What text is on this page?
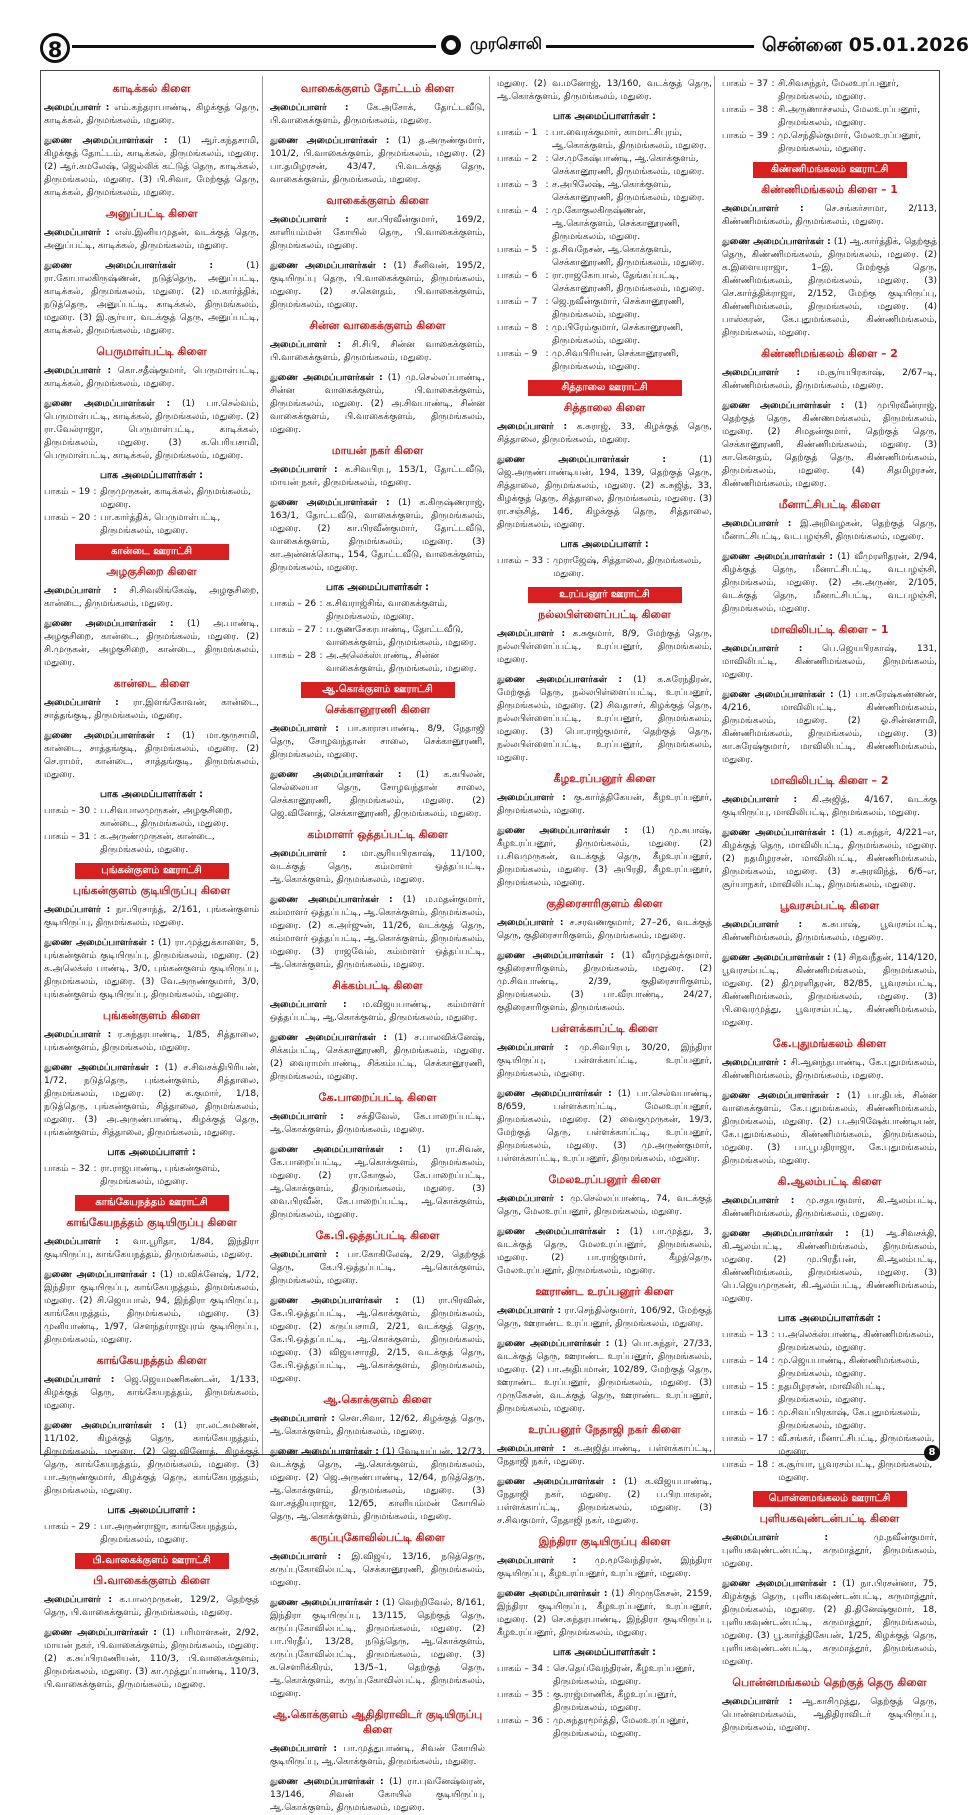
8	முரசொலி	சென்னை 05.01.2026
காடிக்கல் கிளை
அமைப்பாளர் : எம்.கந்தராபாண்டி, கிழக்குத் தெரு, காடிக்கல், திருமங்கலம், மதுரை.
துணை அமைப்பாளர்கள் : (1) ஆர்.கந்தசாமி, கிழக்குத் தோட்டம், காடிக்கல், திருமங்கலம், மதுரை. (2) ஆர்.கமலேஷ், ஜெல்லிக் கட்டுத் தெரு, காடிக்கல், திருமங்கலம், மதுரை. (3) பி.சிவா, மேற்குத் தெரு, காடிக்கல், திருமங்கலம், மதுரை.
அனுப்பட்டி கிளை
அமைப்பாளர் : எஸ்.இனியமுதன், வடக்குத் தெரு, அனுப்பட்டி, காடிக்கல், திருமங்கலம், மதுரை.
துணை அமைப்பாளர்கள் :	(1) ரா.கோபாலகிருஷ்ணன், நடுத்தெரு, அனுப்பட்டி, காடிக்கல், திருமங்கலம், மதுரை. (2) ம.கார்த்திக், நடுத்தெரு, அனுப்பட்டி, காடிக்கல், திருமங்கலம், மதுரை. (3) இ.சூர்யா, வடக்குத் தெரு, அனுப்பட்டி, காடிக்கல், திருமங்கலம், மதுரை.
பெருமாள்பட்டி கிளை
அமைப்பாளர் : கொ.சதீஷ்குமார், பெருமாள்பட்டி, காடிக்கல், திருமங்கலம், மதுரை.
துணை அமைப்பாளர்கள் : (1) பா.செல்வம், பெருமாள்பட்டி, காடிக்கல், திருமங்கலம், மதுரை. (2) ரா.வேல்ராஜா, பெருமாள்பட்டி, காடிக்கல், திருமங்கலம், மதுரை. (3) க.பெரியசாமி, பெருமாள்பட்டி, காடிக்கல், திருமங்கலம், மதுரை.
பாக அமைப்பாளர்கள் :
பாகம் – 19	:	திருமுருகன், காடிக்கல், திருமங்கலம், மதுரை.
பாகம் – 20	:	பா.கார்த்திக், பெருமாள்பட்டி, திருமங்கலம், மதுரை.
கான்டை ஊராட்சி
அழகுசிறை கிளை
அமைப்பாளர் : சி.சிவலிங்கேஷ், அழகுசிறை, கான்டை, திருமங்கலம், மதுரை.
துணை அமைப்பாளர்கள் : (1) அ.பாண்டி, அழகுசிறை, கான்டை, திருமங்கலம், மதுரை. (2) சி.முருகன், அழகுசிறை, கான்டை, திருமங்கலம், மதுரை.
கான்டை கிளை
அமைப்பாளர் : ரா.இளங்கோவன், கான்டை, சாத்தங்குடி, திருமங்கலம், மதுரை.
துணை அமைப்பாளர்கள் : (1) மா.குருசாமி, கான்டை, சாத்தங்குடி, திருமங்கலம், மதுரை. (2) செ.ராமர், கான்டை, சாத்தங்குடி, திருமங்கலம், மதுரை.
பாக அமைப்பாளர்கள் :
பாகம் – 30	:	ப.சிவபாலமுருகன், அழகுசிறை, கான்டை, திருமங்கலம், மதுரை.
பாகம் – 31	:	க.அருண்முருகன், கான்டை, திருமங்கலம், மதுரை.
புங்கன்குளம் ஊராட்சி
புங்கன்குளம் குடியிருப்பு கிளை
அமைப்பாளர் : நா.பிரசாந்த், 2/161, புங்கன்குளம் குடியிருப்பு, திருமங்கலம், மதுரை.
துணை அமைப்பாளர்கள் : (1) ரா.முத்துக்காளை, 5, புங்கன்குளம் குடியிருப்பு, திருமங்கலம், மதுரை. (2) க.அலெக்ஸ் பாண்டி, 3/0, புங்கன்குளம் குடியிருப்பு, திருமங்கலம், மதுரை. (3) வே.அருண்குமார், 3/0, புங்கன்குளம் குடியிருப்பு, திருமங்கலம், மதுரை.
புங்கன்குளம் கிளை
அமைப்பாளர் : ர.சுந்தரபாண்டி, 1/85, சித்தாலை, புங்கன்குளம், திருமங்கலம், மதுரை.
துணை அமைப்பாளர்கள் : (1) ச.சிவசக்திபிரியன், 1/72, நடுத்தெரு, புங்கன்குளம், சித்தாலை, திருமங்கலம், மதுரை. (2) க.குமார், 1/18, நடுத்தெரு, புங்கன்குளம், சித்தாலை, திருமங்கலம், மதுரை. (3) அ.அருண்பாண்டி, கிழக்குத் தெரு, புங்கன்குளம், சித்தாலை, திருமங்கலம், மதுரை.
பாக அமைப்பாளர் :
பாகம் – 32	:	ரா.ராஜபாண்டி, புங்கன்குளம், திருமங்கலம், மதுரை.
காங்கேயநத்தம் ஊராட்சி
காங்கேயநத்தம் குடியிருப்பு கிளை
அமைப்பாளர் : வா.பூரிதா, 1/84, இந்திரா குடியிருப்பு, காங்கேயநத்தம், திருமங்கலம், மதுரை.
துணை அமைப்பாளர்கள் : (1) ம.விக்னேஷ், 1/72, இந்திரா குடியிருப்பு, காங்கேயநத்தம், திருமங்கலம், மதுரை. (2) சி.ஜெயபால், 94, இந்திரா குடியிருப்பு, காங்கேயநத்தம், திருமங்கலம், மதுரை. (3) முனியாண்டி, 1/97, சௌந்தர்ராஜபுரம் குடியிருப்பு, திருமங்கலம், மதுரை.
காங்கேயநத்தம் கிளை
அமைப்பாளர் : ஜெ.ஜெயமணிகண்டன், 1/133, கிழக்குத் தெரு, காங்கேயநத்தம், திருமங்கலம், மதுரை.
துணை அமைப்பாளர்கள் : (1) ரா.லட்சுமணன், 11/102, கிழக்குத் தெரு, காங்கேயநத்தம், திருமங்கலம், மதுரை. (2) ஜெ.வினோத், கிழக்குத் தெரு, காங்கேயநத்தம், திருமங்கலம், மதுரை. (3) பா.அருண்குமார், கிழக்குத் தெரு, காங்கேயநத்தம், திருமங்கலம், மதுரை.
பாக அமைப்பாளர் :
பாகம் – 29	:	பா.அருண்ராஜா, காங்கேயநத்தம், திருமங்கலம், மதுரை.
பி.வாகைக்குளம் ஊராட்சி
பி.வாகைக்குளம் கிளை
அமைப்பாளர் : க.பாலமுருகன், 129/2, தெற்குத் தெரு, பி.வாகைக்குளம், திருமங்கலம், மதுரை.
துணை அமைப்பாளர்கள் : (1) பரிமாளகன், 2/92, மாயன் நகர், பி.வாகைக்குளம், திருமங்கலம், மதுரை. (2) க.சுப்பிரமணியன், 110/3, பி.வாகைக்குளம், திருமங்கலம், மதுரை. (3) கா.முத்துப்பாண்டி, 110/3, பி.வாகைக்குளம், திருமங்கலம், மதுரை.
வாகைக்குளம் தோட்டம் கிளை
அமைப்பாளர் : கே.அசோக், தோட்டவீடு, பி.வாகைக்குளம், திருமங்கலம், மதுரை.
துணை அமைப்பாளர்கள் : (1) த.அருண்குமார், 101/2, பி.வாகைக்குளம், திருமங்கலம், மதுரை. (2) பா.தமிழரசன், 43/47, பி.வடக்குத் தெரு, வாகைக்குளம், திருமங்கலம், மதுரை.
வாகைக்குளம் கிளை
அமைப்பாளர் : கா.பிரவீன்குமார், 169/2, காளியம்மன் கோயில் தெரு, பி.வாகைக்குளம், திருமங்கலம், மதுரை.
துணை அமைப்பாளர்கள் : (1) சீனிவன், 195/2, குடியிருப்பு தெரு, பி.வாகைக்குளம், திருமங்கலம், மதுரை. (2) ச.கௌதம், பி.வாகைக்குளம், திருமங்கலம், மதுரை.
சின்ன வாகைக்குளம் கிளை
அமைப்பாளர் : சி.சிபி, சின்ன வாகைக்குளம், பி.வாகைக்குளம், திருமங்கலம், மதுரை.
துணை அமைப்பாளர்கள் : (1) மு.செல்லப்பாண்டி, சின்ன வாகைக்குளம், பி.வாகைக்குளம், திருமங்கலம், மதுரை. (2) அ.சிவபாண்டி, சின்ன வாகைக்குளம், பி.வாகைக்குளம், திருமங்கலம், மதுரை.
மாயன் நகர் கிளை
அமைப்பாளர் : க.சிவபிரபு, 153/1, தோட்டவீடு, மாயன் நகர், திருமங்கலம், மதுரை.
துணை அமைப்பாளர்கள் : (1) க.கிருஷ்ணராஜ், 163/1, தோட்டவீடு, வாகைக்குளம், திருமங்கலம், மதுரை. (2) கா.பிரவீன்குமார், தோட்டவீடு, வாகைக்குளம், திருமங்கலம், மதுரை. (3) கா.அன்னக்கொடி, 154, தோட்டவீடு, வாகைக்குளம், திருமங்கலம், மதுரை.
பாக அமைப்பாளர்கள் :
பாகம் – 26	:	க.சிவராஜ்சிங், வாகைக்குளம், திருமங்கலம், மதுரை.
பாகம் – 27	:	ப.குணசேகரபாண்டி, தோட்டவீடு, வாகைக்குளம், திருமங்கலம், மதுரை.
பாகம் – 28	:	அ.அலெக்ஸ்பாண்டி, சின்ன வாகைக்குளம், திருமங்கலம், மதுரை.
ஆ.கொக்குளம் ஊராட்சி
செக்கானூரணி கிளை
அமைப்பாளர் : பா.காராசபாண்டி, 8/9, நேதாஜி தெரு, சோழவந்தான் சாலை, செக்கானூரணி, திருமங்கலம், மதுரை.
துணை அமைப்பாளர்கள் : (1) க.கபிலன், செல்லையா தெரு, சோழவந்தான் சாலை, செக்கானூரணி, திருமங்கலம், மதுரை. (2) ஜெ.வினோத், செக்கானூரணி, திருமங்கலம், மதுரை.
கம்மாளர் ஒத்தப்பட்டி கிளை
அமைப்பாளர் : மா.சூரியபிரகாஷ், 11/100, வடக்குத் தெரு, கம்மாளர் ஒத்தப்பட்டி, ஆ.கொக்குளம், திருமங்கலம், மதுரை.
துணை அமைப்பாளர்கள் : (1) ம.மதன்குமார், கம்மாளர் ஒத்தப்பட்டி, ஆ.கொக்குளம், திருமங்கலம், மதுரை. (2) க.அர்ஜுன், 11/26, வடக்குத் தெரு, கம்மாளர் ஒத்தப்பட்டி, ஆ.கொக்குளம், திருமங்கலம், மதுரை. (3) ராஜவேல், கம்மாளர் ஒத்தப்பட்டி, ஆ.கொக்குளம், திருமங்கலம், மதுரை.
சிக்கம்பட்டி கிளை
அமைப்பாளர் : ம.விஜயபாண்டி, கம்மாளர் ஒத்தப்பட்டி, ஆ.கொக்குளம், திருமங்கலம், மதுரை.
துணை அமைப்பாளர்கள் : (1) ச.பாலவிக்னேஷ், சிக்கம்பட்டி, செக்கானூரணி, திருமங்கலம், மதுரை. (2) வைராமர்பாண்டி, சிக்கம்பட்டி, செக்கானூரணி, திருமங்கலம், மதுரை.
கே.பாறைப்பட்டி கிளை
அமைப்பாளர் : சக்திவேல், கே.பாறைப்பட்டி, ஆ.கொக்குளம், திருமங்கலம், மதுரை.
துணை அமைப்பாளர்கள் : (1) ரா.சிவன், கே.பாறைப்பட்டி, ஆ.கொக்குளம், திருமங்கலம், மதுரை. (2) ரா.கோகுல், கே.பாறைப்பட்டி, ஆ.கொக்குளம், திருமங்கலம், மதுரை. (3) வை.பிரவீன், கே.பாறைப்பட்டி, ஆ.கொக்குளம், திருமங்கலம், மதுரை.
கே.பி.ஒத்தப்பட்டி கிளை
அமைப்பாளர் : பா.கோகிலேஷ், 2/29, தெற்குத் தெரு, கே.பி.ஒத்தப்பட்டி, ஆ.கொக்குளம், திருமங்கலம், மதுரை.
துணை அமைப்பாளர்கள் : (1) ரா.பிரவின், கே.பி.ஒத்தப்பட்டி, ஆ.கொக்குளம், திருமங்கலம், மதுரை. (2) கருப்பசாமி, 2/21, வடக்குத் தெரு, கே.பி.ஒத்தப்பட்டி, ஆ.கொக்குளம், திருமங்கலம், மதுரை. (3) விஜயசாரதி, 2/15, வடக்குத் தெரு, கே.பி.ஒத்தப்பட்டி, ஆ.கொக்குளம், திருமங்கலம், மதுரை.
ஆ.கொக்குளம் கிளை
அமைப்பாளர் : சௌ.சிவா, 12/62, கிழக்குத் தெரு, ஆ.கொக்குளம், திருமங்கலம், மதுரை.
துணை அமைப்பாளர்கள் : (1) வேடியப்பன், 12/73, வடக்குத் தெரு, ஆ.கொக்குளம், திருமங்கலம், மதுரை. (2) ஜெ.அருண்பாண்டி, 12/64, நடுத்தெரு, ஆ.கொக்குளம், திருமங்கலம், மதுரை. (3) வா.சத்தியராஜா, 12/65, காளியம்மன் கோயில் தெரு, ஆ.கொக்குளம், திருமங்கலம், மதுரை.
கருப்புகோவில்பட்டி கிளை
அமைப்பாளர் : இ.விஜய், 13/16, நடுத்தெரு, கருப்புகோவில்பட்டி, செக்கானூரணி, திருமங்கலம், மதுரை.
துணை அமைப்பாளர்கள் : (1) வெற்றிவேல், 8/161, இந்திரா குடியிருப்பு, 13/115, தெற்குத் தெரு, கருப்புகோவில்பட்டி, திருமங்கலம், மதுரை. (2) பா.பிரதீப், 13/28, நடுத்தெரு, ஆ.கொக்குளம், கருப்புகோவில்பட்டி, திருமங்கலம், மதுரை. (3) க.சௌரிக்கிரம், 13/5–1, தெற்குத் தெரு, ஆ.கொக்குளம், கருப்புகோவில்பட்டி, திருமங்கலம், மதுரை.
ஆ.கொக்குளம் ஆதிதிராவிடர் குடியிருப்பு கிளை
அமைப்பாளர் : பா.முத்துபாண்டி, சிவன் கோயில் குடியிருப்பு, ஆ.கொக்குளம், திருமங்கலம், மதுரை.
துணை அமைப்பாளர்கள் : (1) ரா.புவனேஷ்வரன், 13/146, சிவன் கோயில் குடியிருப்பு, ஆ.கொக்குளம், திருமங்கலம், மதுரை.
மதுரை. (2) வ.மனோஜ், 13/160, வடக்குத் தெரு, ஆ.கொக்குளம், திருமங்கலம், மதுரை.
பாக அமைப்பாளர்கள் :
பாகம் – 1	:	பா.வைரக்குமார், காமாட்சிபுரம், ஆ.கொக்குளம், திருமங்கலம், மதுரை.
பாகம் – 2	:	செ.முகேஷ்பாண்டி, ஆ.கொக்குளம், செக்கானூரணி, திருமங்கலம், மதுரை.
பாகம் – 3	:	ச.அபிலேஷ், ஆ.கொக்குளம், செக்கானூரணி, திருமங்கலம், மதுரை.
பாகம் – 4	:	மு.கோகுலகிருஷ்ணன், ஆ.கொக்குளம், செக்கானூரணி, திருமங்கலம், மதுரை.
பாகம் – 5	:	த.சிவநேசன், ஆ.கொக்குளம், செக்கானூரணி, திருமங்கலம், மதுரை.
பாகம் – 6	:	ரா.ராஜகோபால், தேங்கப்பட்டி, செக்கானூரணி, திருமங்கலம், மதுரை.
பாகம் – 7	:	ஜெ.நவீன்குமார், செக்கானூரணி, திருமங்கலம், மதுரை.
பாகம் – 8	:	மு.பிரேம்குமார், செக்கானூரணி, திருமங்கலம், மதுரை.
பாகம் – 9	:	மு.சிவபிரியன், செக்கானூரணி, திருமங்கலம், மதுரை.
சித்தாலை ஊராட்சி
சித்தாலை கிளை
அமைப்பாளர் : க.சுராஜ், 33, கிழக்குத் தெரு, சித்தாலை, திருமங்கலம், மதுரை.
துணை அமைப்பாளர்கள் :	(1) ஜெ.அருண்பாண்டியன், 194, 139, தெற்குத் தெரு, சித்தாலை, திருமங்கலம், மதுரை. (2) க.சுஜித், 33, கிழக்குத் தெரு, சித்தாலை, திருமங்கலம், மதுரை. (3) ரா.சஞ்சித், 146, கிழக்குத் தெரு, சித்தாலை, திருமங்கலம், மதுரை.
பாக அமைப்பாளர் :
பாகம் – 33	:	முராஜேஷ், சித்தாலை, திருமங்கலம், மதுரை.
உரப்பனூர் ஊராட்சி
நல்லபிள்ளைப்பட்டி கிளை
அமைப்பாளர் : க.சுகுமார், 8/9, மேற்குத் தெரு, நல்லபிள்ளைப்பட்டி, உரப்பனூர், திருமங்கலம், மதுரை.
துணை அமைப்பாளர்கள் : (1) க.கரேந்திரன், மேற்குத் தெரு, நல்லபிள்ளைப்பட்டி, உரப்பனூர், திருமங்கலம், மதுரை. (2) சிவதாசர், கிழக்குத் தெரு, நல்லபிள்ளைப்பட்டி, உரப்பனூர், திருமங்கலம், மதுரை. (3) பொ.ராஜ்குமார், தெற்குத் தெரு, நல்லபிள்ளைப்பட்டி, உரப்பனூர், திருமங்கலம், மதுரை.
கீழஉரப்பனூர் கிளை
அமைப்பாளர் : கு.கார்த்திகேயன், கீழஉரப்பனூர், திருமங்கலம், மதுரை.
துணை அமைப்பாளர்கள் : (1) மு.சுபாஷ், கீழஉரப்பனூர், திருமங்கலம், மதுரை. (2) ப.சிவமுருகன், வடக்குத் தெரு, கீழஉரப்பனூர், திருமங்கலம், மதுரை. (3) அபிரதி, கீழஉரப்பனூர், திருமங்கலம், மதுரை.
குதிரைசாரிகுளம் கிளை
அமைப்பாளர் : ச.சரவணகுமார், 27–26, வடக்குத் தெரு, குதிரைசாரிகுளம், திருமங்கலம், மதுரை.
துணை அமைப்பாளர்கள் : (1) வீரமுத்துக்குமார், குதிரைசாரிகுளம், திருமங்கலம், மதுரை. (2) மு.சிவபாண்டி, 2/39, குதிரைசாரிகுளம், திருமங்கலம். (3) பா.வீரபாண்டி, 24/27, குதிரைசாரிகுளம், திருமங்கலம்.
பள்ளக்காப்ட்டி கிளை
அமைப்பாளர் : மு.சிவபிரபு, 30/20, இந்திரா குடியிருப்பு, பள்ளக்காப்ட்டி, உரப்பனூர், திருமங்கலம், மதுரை.
துணை அமைப்பாளர்கள் : (1) பா.செல்வபாண்டி, 8/659, பள்ளக்காப்ட்டி, மேலஉரப்பனூர், திருமங்கலம், மதுரை. (2) வைகுமுருகன், 19/3, மேற்குத் தெரு, பள்ளக்காப்ட்டி, உரப்பனூர், திருமங்கலம், மதுரை. (3) மு.அருண்குமார், பள்ளக்காப்ட்டி, உரப்பனூர், திருமங்கலம், மதுரை.
மேலஉரப்பனூர் கிளை
அமைப்பாளர் : மு.செல்லப்பாண்டி, 74, வடக்குத் தெரு, மேலஉரப்பனூர், திருமங்கலம், மதுரை.
துணை அமைப்பாளர்கள் : (1) பா.முத்து, 3, வடக்குத் தெரு, மேலஉரப்பனூர், திருமங்கலம், மதுரை. (2) பா.ராஜ்குமார், கீழத்தெரு, மேலஉரப்பனூர், திருமங்கலம், மதுரை.
ஊராண்ட உரப்பனூர் கிளை
அமைப்பாளர் : ரா.செந்தில்குமார், 106/92, மேற்குத் தெரு, ஊராண்ட உரப்பனூர், திருமங்கலம், மதுரை.
துணை அமைப்பாளர்கள் : (1) பொ.சுந்தர், 27/33, வடக்குத் தெரு, ஊராண்ட உரப்பனூர், திருமங்கலம், மதுரை. (2) பா.அதிபமான், 102/89, மேற்குத் தெரு, ஊராண்ட உரப்பனூர், திருமங்கலம், மதுரை. (3) முருகேசன், வடக்குத் தெரு, ஊராண்ட உரப்பனூர், திருமங்கலம், மதுரை.
உரப்பனூர் நேதாஜி நகர் கிளை
அமைப்பாளர் : க.அஜித்பாண்டி, பள்ளக்காப்ட்டி, நேதாஜி நகர், மதுரை.
துணை அமைப்பாளர்கள் : (1) க.விஜயபாண்டி, நேதாஜி நகர், மதுரை. (2) ப.பிரபாகரன், பள்ளக்காப்ட்டி, திருமங்கலம், மதுரை. (3) ச.சிவகுமார், நேதாஜி நகர், மதுரை.
இந்திரா குடியிருப்பு கிளை
அமைப்பாளர் : மு.மூவேந்திரன், இந்திரா குடியிருப்பு, கீழஉரப்பனூர், உரப்பனூர், மதுரை.
துணை அமைப்பாளர்கள் : (1) சிமுருகேசன், 2159, இந்திரா குடியிருப்பு, கீழஉரப்பனூர், உரப்பனூர், மதுரை. (2) செ.சுந்தரபாண்டி, இந்திரா குடியிருப்பு, கீழஉரப்பனூர், திருமங்கலம், மதுரை.
பாக அமைப்பாளர்கள் :
பாகம் – 34	:	செ.தெய்வேந்திரன், கீழஉரப்பனூர், திருமங்கலம், மதுரை.
பாகம் – 35	:	கு.ராஜ்மாணிக், கீழஉரப்பனூர், திருமங்கலம், மதுரை.
பாகம் – 36	:	மு.சுந்தரமூர்த்தி, மேலஉரப்பனூர், திருமங்கலம், மதுரை.
பாகம் – 37	:	சி.சிவசுந்தர், மேலஉரப்பனூர், திருமங்கலம், மதுரை.
பாகம் – 38	:	சி.அருணாச்சலம், மேலஉரப்பனூர், திருமங்கலம், மதுரை.
பாகம் – 39	:	மு.செந்தில்குமார், மேலஉரப்பனூர், திருமங்கலம், மதுரை.
கிண்ணிமங்கலம் ஊராட்சி
கிண்ணிமங்கலம் கிளை – 1
அமைப்பாளர் : செ.சங்கர்சாமா, 2/113, கிண்ணிமங்கலம், திருமங்கலம், மதுரை.
துணை அமைப்பாளர்கள் : (1) ஆ.கார்த்திக், தெற்குத் தெரு, கிண்ணிமங்கலம், திருமங்கலம், மதுரை. (2) க.இளையராஜா, 1–இ, மேற்குத் தெரு, கிண்ணிமங்கலம், திருமங்கலம், மதுரை. (3) செ.கார்த்திக்ராஜா, 2/152, மேற்கு குடியிருப்பு, கிண்ணிமங்கலம், திருமங்கலம், மதுரை. (4) பாஸ்கரன், கே.புதுமங்கலம், கிண்ணிமங்கலம், திருமங்கலம், மதுரை.
கிண்ணிமங்கலம் கிளை – 2
அமைப்பாளர் : ம.சூர்யபிரகாஷ், 2/67–டி, கிண்ணிமங்கலம், திருமங்கலம், மதுரை.
துணை அமைப்பாளர்கள் : (1) முபிரவீன்ராஜ், தெற்குத் தெரு, கிண்ணமங்கலம், திருமங்கலம், மதுரை. (2) சிமதன்குமார், தெற்குத் தெரு, செக்கானூரணி, கிண்ணிமங்கலம், மதுரை. (3) கா.கௌதம், தெற்குத் தெரு, கிண்ணிமங்கலம், திருமங்கலம், மதுரை. (4) சிதமிழரசன், கிண்ணிமங்கலம், மதுரை.
மீனாட்சிபட்டி கிளை
அமைப்பாளர் : இ.அறிவழகன், தெற்குத் தெரு, மீனாட்சிபட்டி, வடபழஞ்சி, திருமங்கலம், மதுரை.
துணை அமைப்பாளர்கள் : (1) வீமுரளிதரன், 2/94, கிழக்குத் தெரு, மீனாட்சிபட்டி, வடபழஞ்சி, திருமங்கலம், மதுரை. (2) அ.அருண், 2/105, வடக்குத் தெரு, மீனாட்சிபட்டி, வடபழஞ்சி, திருமங்கலம், மதுரை.
மாவிலிபட்டி கிளை – 1
அமைப்பாளர் : பெ.ஜெயபிரகாஷ், 131, மாவிலிபட்டி, கிண்ணிமங்கலம், திருமங்கலம், மதுரை.
துணை அமைப்பாளர்கள் : (1) பா.சுரேஷ்கண்ணன், 4/216, மாவிலிபட்டி, கிண்ணிமங்கலம், திருமங்கலம், மதுரை. (2) ஓ.சின்னசாமி, கிண்ணிமங்கலம், திருமங்கலம், மதுரை. (3) கா.சுரேஷ்குமார், மாவிலிபட்டி, கிண்ணிமங்கலம், மதுரை.
மாவிலிபட்டி கிளை – 2
அமைப்பாளர் : கி.அஜித், 4/167, வடக்கு குடியிருப்பு, மாவிலிபட்டி, திருமங்கலம், மதுரை.
துணை அமைப்பாளர்கள் : (1) க.சுந்தர், 4/221–எ, கிழக்குத் தெரு, மாவிலிபட்டி, திருமங்கலம், மதுரை. (2) நதமிழரசன், மாவிலிபட்டி, கிண்ணிமங்கலம், திருமங்கலம், மதுரை. (3) ச.அரவிந்த், 6/6–எ, சூர்யாநகர், மாவிலிபட்டி, திருமங்கலம், மதுரை.
பூவரசம்பட்டி கிளை
அமைப்பாளர் : க.சுபாஷ், பூவரசம்பட்டி, கிண்ணிமங்கலம், திருமங்கலம், மதுரை.
துணை அமைப்பாளர்கள் : (1) சிநவநீதன், 114/120, பூவரசம்பட்டி, கிண்ணிமங்கலம், திருமங்கலம், மதுரை. (2) திமுரளிதரன், 82/85, பூவரசம்பட்டி, கிண்ணிமங்கலம், திருமங்கலம், மதுரை. (3) பி.வைரமுத்து, பூவரசம்பட்டி, கிண்ணிமங்கலம், மதுரை.
கே.புதுமங்கலம் கிளை
அமைப்பாளர் : சி.ஆனந்தபாண்டி, கே.புதுமங்கலம், கிண்ணிமங்கலம், திருமங்கலம், மதுரை.
துணை அமைப்பாளர்கள் : (1) பா.திபக், சின்ன வாகைக்குளம், கே.புதுமங்கலம், கிண்ணிமங்கலம், திருமங்கலம், மதுரை. (2) ப.அபிஷேக்பாண்டியன், கே.புதுமங்கலம், கிண்ணிமங்கலம், திருமங்கலம், மதுரை. (3) பா.பூபதிராஜா, கே.புதுமங்கலம், திருமங்கலம், மதுரை.
கி.ஆலம்பட்டி கிளை
அமைப்பாளர் : மு.சதயகுமார், கி.ஆலம்பட்டி, கிண்ணிமங்கலம், திருமங்கலம், மதுரை.
துணை அமைப்பாளர்கள் : (1) ஆ.சிவசக்தி, கி.ஆலம்பட்டி, கிண்ணிமங்கலம், திருமங்கலம், மதுரை. (2) மு.பிரதீபன், கி.ஆலம்பட்டி, கிண்ணிமங்கலம், திருமங்கலம், மதுரை. (3) பெ.ஜெயமுருகன், கி.ஆலம்பட்டி, கிண்ணிமங்கலம், மதுரை.
பாக அமைப்பாளர்கள் :
பாகம் – 13	:	ப.அலெக்ஸ்பாண்டி, கிண்ணிமங்கலம், திருமங்கலம், மதுரை.
பாகம் – 14	:	மு.ஜெயபாண்டி, கிண்ணிமங்கலம், திருமங்கலம், மதுரை.
பாகம் – 15	:	நதமிழரசன், மாவிலிபட்டி, திருமங்கலம், மதுரை.
பாகம் – 16	:	மு.சிவப்பிரகாஷ், கே.புதுமங்கலம், திருமங்கலம், மதுரை.
பாகம் – 17	:	வீ.சங்கர், மீனாட்சிபட்டி, திருமங்கலம், மதுரை.
பாகம் – 18	:	க.சூர்யா, பூவரசம்பட்டி, திருமங்கலம், மதுரை.
பொன்னமங்கலம் ஊராட்சி
புளியகவுண்டன்பட்டி கிளை
அமைப்பாளர் :	மு.நவீன்குமார், புளியகவுண்டன்பட்டி, கருமாத்தூர், திருமங்கலம், மதுரை.
துணை அமைப்பாளர்கள் : (1) நா.பிரசன்னா, 75, கிழக்குத் தெரு, புளியகவுண்டன்பட்டி, கருமாத்தூர், திருமங்கலம், மதுரை. (2) தி.தினேஷ்குமார், 18, புளியகவுண்டன்பட்டி, கருமாத்தூர், திருமங்கலம், மதுரை. (3) பூ.கார்த்திகேயன், 1/25, கிழக்குத் தெரு, புளியகவுண்டன்பட்டி, கருமாத்தூர், திருமங்கலம், மதுரை.
பொன்னமங்கலம் தெற்குத் தெரு கிளை
அமைப்பாளர் : ஆ.காசிமுத்து, தெற்குத் தெரு, பொன்னமங்கலம், ஆதிதிராவிடர் குடியிருப்பு, திருமங்கலம், மதுரை.
8
